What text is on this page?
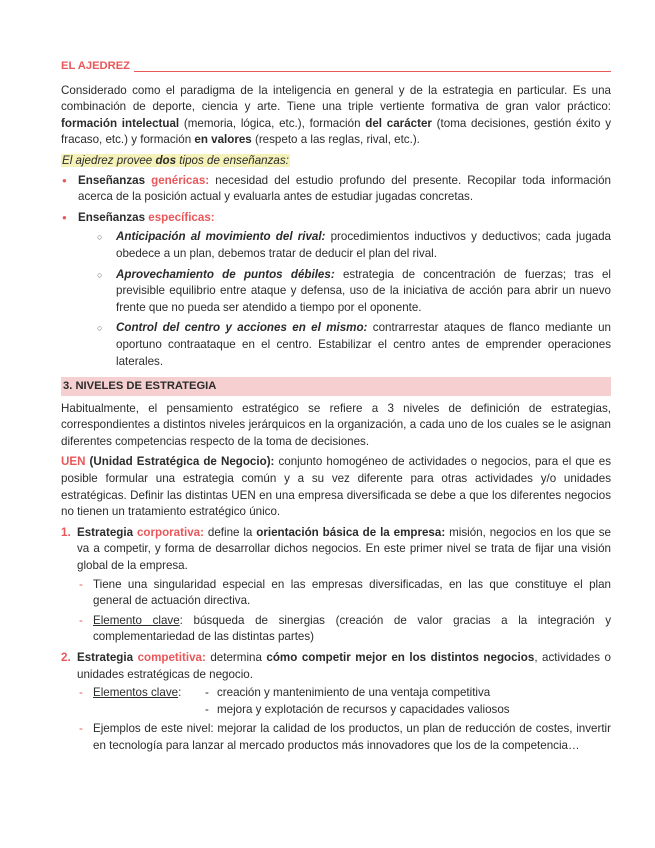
EL AJEDREZ

Considerado como el paradigma de la inteligencia en general y de la estrategia en particular. Es una combinación de deporte, ciencia y arte. Tiene una triple vertiente formativa de gran valor práctico: formación intelectual (memoria, lógica, etc.), formación del carácter (toma decisiones, gestión éxito y fracaso, etc.) y formación en valores (respeto a las reglas, rival, etc.).

El ajedrez provee dos tipos de enseñanzas:

● Enseñanzas genéricas: necesidad del estudio profundo del presente. Recopilar toda información acerca de la posición actual y evaluarla antes de estudiar jugadas concretas.
● Enseñanzas específicas:
○ Anticipación al movimiento del rival: procedimientos inductivos y deductivos; cada jugada obedece a un plan, debemos tratar de deducir el plan del rival.
○ Aprovechamiento de puntos débiles: estrategia de concentración de fuerzas; tras el previsible equilibrio entre ataque y defensa, uso de la iniciativa de acción para abrir un nuevo frente que no pueda ser atendido a tiempo por el oponente.
○ Control del centro y acciones en el mismo: contrarrestar ataques de flanco mediante un oportuno contraataque en el centro. Estabilizar el centro antes de emprender operaciones laterales.
3. NIVELES DE ESTRATEGIA

Habitualmente, el pensamiento estratégico se refiere a 3 niveles de definición de estrategias, correspondientes a distintos niveles jerárquicos en la organización, a cada uno de los cuales se le asignan diferentes competencias respecto de la toma de decisiones.

UEN (Unidad Estratégica de Negocio): conjunto homogéneo de actividades o negocios, para el que es posible formular una estrategia común y a su vez diferente para otras actividades y/o unidades estratégicas. Definir las distintas UEN en una empresa diversificada se debe a que los diferentes negocios no tienen un tratamiento estratégico único.

1. Estrategia corporativa: define la orientación básica de la empresa: misión, negocios en los que se va a competir, y forma de desarrollar dichos negocios. En este primer nivel se trata de fijar una visión global de la empresa.
- Tiene una singularidad especial en las empresas diversificadas, en las que constituye el plan general de actuación directiva.
- Elemento clave: búsqueda de sinergias (creación de valor gracias a la integración y complementariedad de las distintas partes)
2. Estrategia competitiva: determina cómo competir mejor en los distintos negocios, actividades o unidades estratégicas de negocio.
- Elementos clave:
-	creación y mantenimiento de una ventaja competitiva
- mejora y explotación de recursos y capacidades valiosos
- Ejemplos de este nivel: mejorar la calidad de los productos, un plan de reducción de costes, invertir en tecnología para lanzar al mercado productos más innovadores que los de la competencia…
